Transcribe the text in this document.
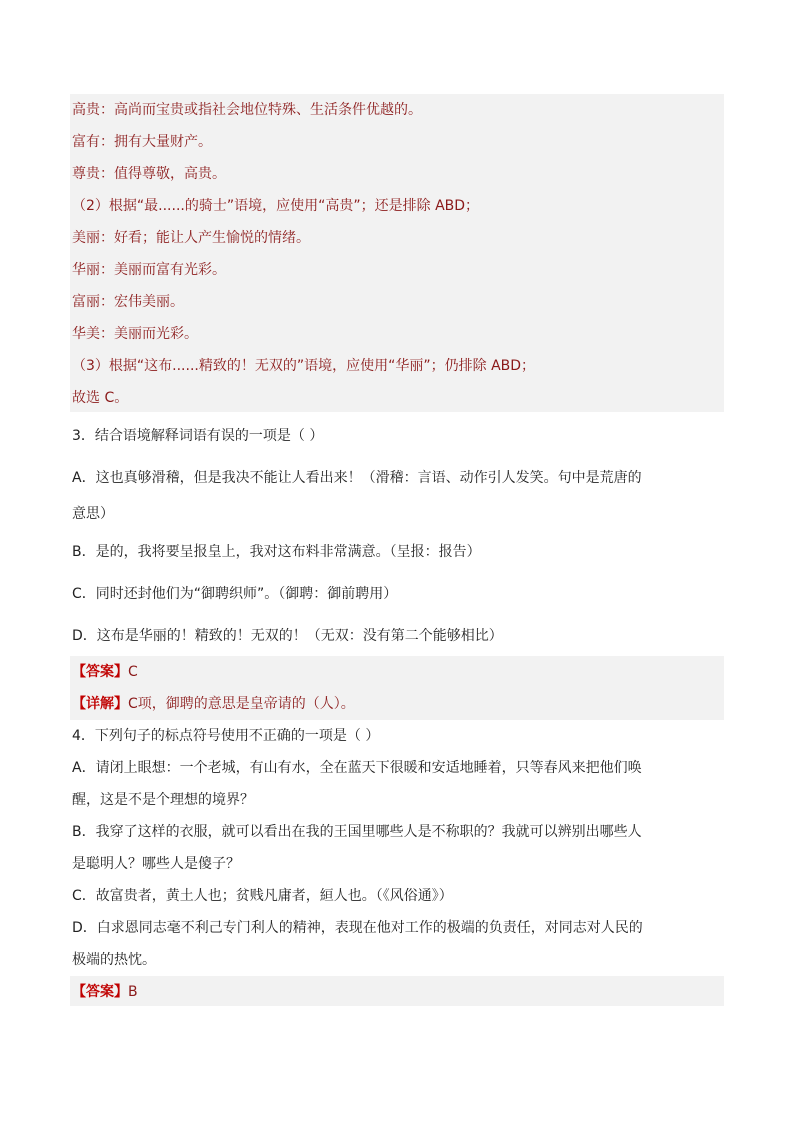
高贵：高尚而宝贵或指社会地位特殊、生活条件优越的。
富有：拥有大量财产。
尊贵：值得尊敬，高贵。
（2）根据“最......的骑士”语境，应使用“高贵”；还是排除 ABD；
美丽：好看；能让人产生愉悦的情绪。
华丽：美丽而富有光彩。
富丽：宏伟美丽。
华美：美丽而光彩。
（3）根据“这布......精致的！无双的”语境，应使用“华丽”；仍排除 ABD；
故选 C。
3．结合语境解释词语有误的一项是（ ）
A．这也真够滑稽，但是我决不能让人看出来！（滑稽：言语、动作引人发笑。句中是荒唐的
意思）
B．是的，我将要呈报皇上，我对这布料非常满意。（呈报：报告）
C．同时还封他们为“御聘织师”。（御聘：御前聘用）
D．这布是华丽的！精致的！无双的！（无双：没有第二个能够相比）
【答案】C
【详解】C项，御聘的意思是皇帝请的（人）。
4．下列句子的标点符号使用不正确的一项是（ ）
A．请闭上眼想：一个老城，有山有水，全在蓝天下很暖和安适地睡着，只等春风来把他们唤
醒，这是不是个理想的境界？
B．我穿了这样的衣服，就可以看出在我的王国里哪些人是不称职的？我就可以辨别出哪些人
是聪明人？哪些人是傻子？
C．故富贵者，黄土人也；贫贱凡庸者，絙人也。（《风俗通》）
D．白求恩同志毫不利己专门利人的精神，表现在他对工作的极端的负责任，对同志对人民的
极端的热忱。
【答案】B
